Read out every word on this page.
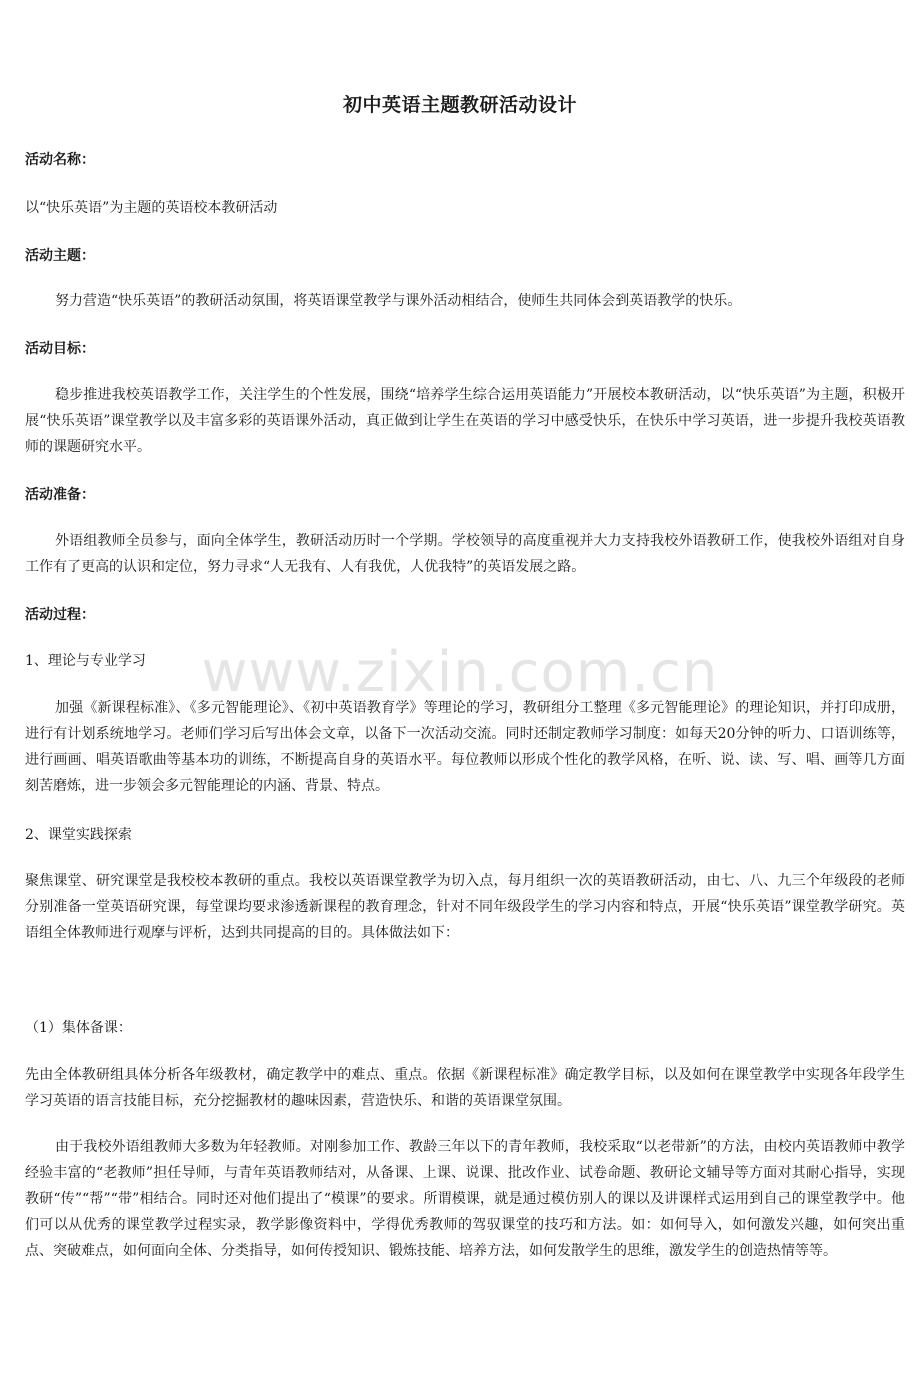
www.zixin.com.cn
初中英语主题教研活动设计
活动名称：
以“快乐英语”为主题的英语校本教研活动
活动主题：
努力营造“快乐英语”的教研活动氛围，将英语课堂教学与课外活动相结合，使师生共同体会到英语教学的快乐。
活动目标：
稳步推进我校英语教学工作，关注学生的个性发展，围绕“培养学生综合运用英语能力”开展校本教研活动，以“快乐英语”为主题，积极开展“快乐英语”课堂教学以及丰富多彩的英语课外活动，真正做到让学生在英语的学习中感受快乐，在快乐中学习英语，进一步提升我校英语教师的课题研究水平。
活动准备：
外语组教师全员参与，面向全体学生，教研活动历时一个学期。学校领导的高度重视并大力支持我校外语教研工作，使我校外语组对自身工作有了更高的认识和定位，努力寻求“人无我有、人有我优，人优我特”的英语发展之路。
活动过程：
1、理论与专业学习
加强《新课程标准》、《多元智能理论》、《初中英语教育学》等理论的学习，教研组分工整理《多元智能理论》的理论知识，并打印成册，进行有计划系统地学习。老师们学习后写出体会文章，以备下一次活动交流。同时还制定教师学习制度：如每天20分钟的听力、口语训练等，进行画画、唱英语歌曲等基本功的训练，不断提高自身的英语水平。每位教师以形成个性化的教学风格，在听、说、读、写、唱、画等几方面刻苦磨炼，进一步领会多元智能理论的内涵、背景、特点。
2、课堂实践探索
聚焦课堂、研究课堂是我校校本教研的重点。我校以英语课堂教学为切入点，每月组织一次的英语教研活动，由七、八、九三个年级段的老师分别准备一堂英语研究课，每堂课均要求渗透新课程的教育理念，针对不同年级段学生的学习内容和特点，开展“快乐英语”课堂教学研究。英语组全体教师进行观摩与评析，达到共同提高的目的。具体做法如下：
（1）集体备课：
先由全体教研组具体分析各年级教材，确定教学中的难点、重点。依据《新课程标准》确定教学目标，以及如何在课堂教学中实现各年段学生学习英语的语言技能目标，充分挖掘教材的趣味因素，营造快乐、和谐的英语课堂氛围。
由于我校外语组教师大多数为年轻教师。对刚参加工作、教龄三年以下的青年教师，我校采取“以老带新”的方法，由校内英语教师中教学经验丰富的“老教师”担任导师，与青年英语教师结对，从备课、上课、说课、批改作业、试卷命题、教研论文辅导等方面对其耐心指导，实现教研“传”“帮”“带”相结合。同时还对他们提出了“模课”的要求。所谓模课，就是通过模仿别人的课以及讲课样式运用到自己的课堂教学中。他们可以从优秀的课堂教学过程实录，教学影像资料中，学得优秀教师的驾驭课堂的技巧和方法。如：如何导入，如何激发兴趣，如何突出重点、突破难点，如何面向全体、分类指导，如何传授知识、锻炼技能、培养方法，如何发散学生的思维，激发学生的创造热情等等。
